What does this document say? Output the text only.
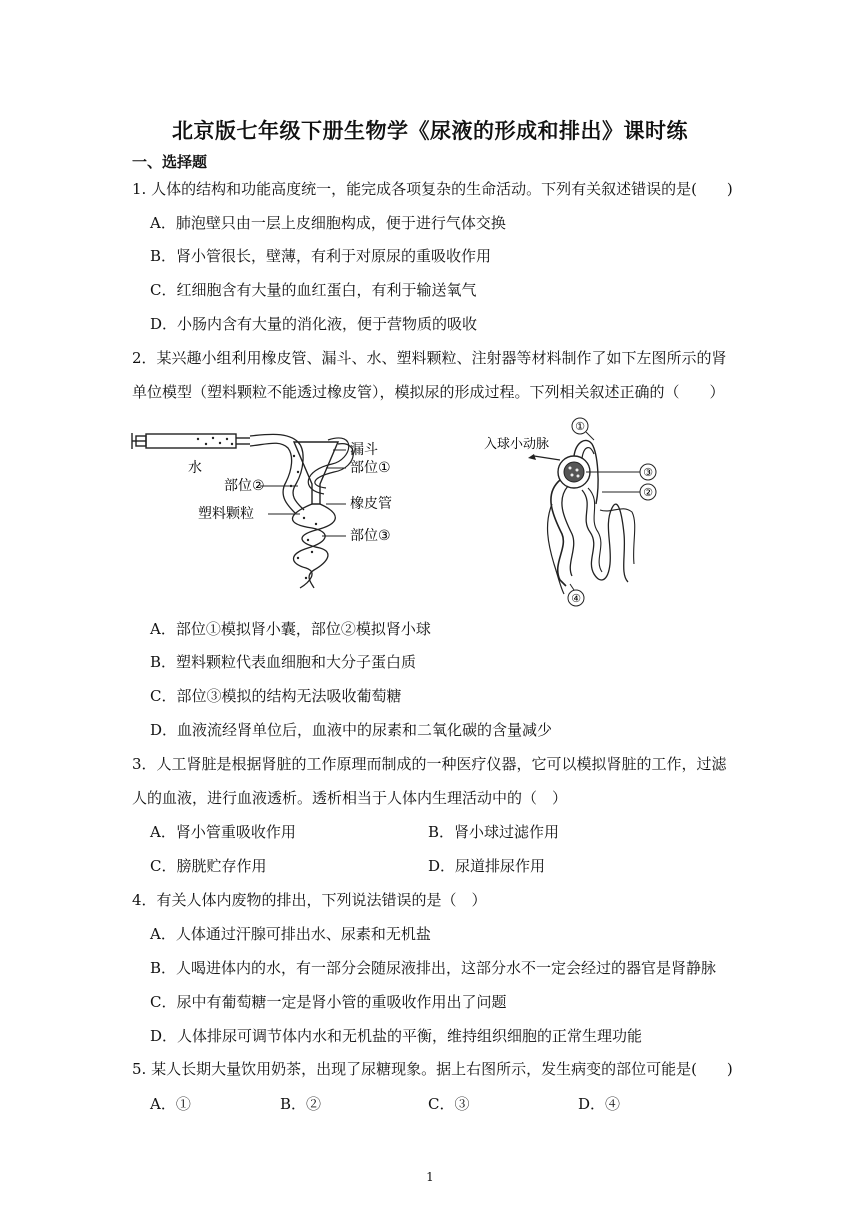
北京版七年级下册生物学《尿液的形成和排出》课时练
一、选择题
1. 人体的结构和功能高度统一，能完成各项复杂的生命活动。下列有关叙述错误的是(　　)
A．肺泡壁只由一层上皮细胞构成，便于进行气体交换
B．肾小管很长，壁薄，有利于对原尿的重吸收作用
C．红细胞含有大量的血红蛋白，有利于输送氧气
D．小肠内含有大量的消化液，便于营物质的吸收
2．某兴趣小组利用橡皮管、漏斗、水、塑料颗粒、注射器等材料制作了如下左图所示的肾
单位模型（塑料颗粒不能透过橡皮管），模拟尿的形成过程。下列相关叙述正确的（　　）
水
漏斗
部位①
部位②
橡皮管
塑料颗粒
部位③
入球小动脉
①
③
②
④
A．部位①模拟肾小囊，部位②模拟肾小球
B．塑料颗粒代表血细胞和大分子蛋白质
C．部位③模拟的结构无法吸收葡萄糖
D．血液流经肾单位后，血液中的尿素和二氧化碳的含量减少
3．人工肾脏是根据肾脏的工作原理而制成的一种医疗仪器，它可以模拟肾脏的工作，过滤
人的血液，进行血液透析。透析相当于人体内生理活动中的（　）
A．肾小管重吸收作用	B．肾小球过滤作用
C．膀胱贮存作用	D．尿道排尿作用
4．有关人体内废物的排出，下列说法错误的是（　）
A．人体通过汗腺可排出水、尿素和无机盐
B．人喝进体内的水，有一部分会随尿液排出，这部分水不一定会经过的器官是肾静脉
C．尿中有葡萄糖一定是肾小管的重吸收作用出了问题
D．人体排尿可调节体内水和无机盐的平衡，维持组织细胞的正常生理功能
5. 某人长期大量饮用奶茶，出现了尿糖现象。据上右图所示，发生病变的部位可能是(　　)
A．①	B．②	C．③	D．④
1
